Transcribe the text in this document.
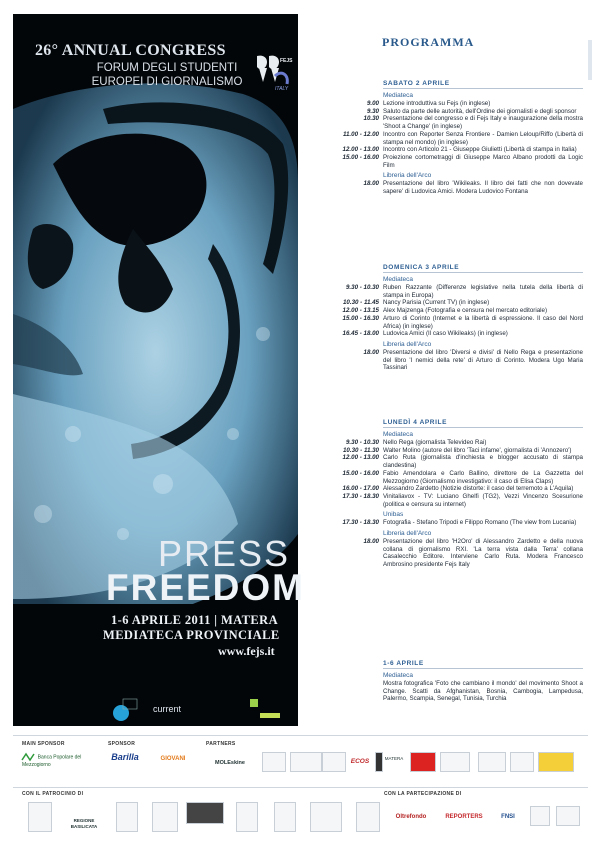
26° ANNUAL CONGRESS
FORUM DEGLI STUDENTI
EUROPEI DI GIORNALISMO
FEJS
ITALY
PRESS
FREEDOM
1-6 APRILE 2011 | MATERA
MEDIATECA PROVINCIALE
www.fejs.it
current
PROGRAMMA
SABATO 2 APRILE
Mediateca
9.00 Lezione introduttiva su Fejs (in inglese)
9.30 Saluto da parte delle autorità, dell'Ordine dei giornalisti e degli sponsor
10.30 Presentazione del congresso e di Fejs Italy e inaugurazione della mostra 'Shoot a Change' (in inglese)
11.00 - 12.00 Incontro con Reporter Senza Frontiere - Damien Leloup/Riffo (Libertà di stampa nel mondo) (in inglese)
12.00 - 13.00 Incontro con Articolo 21 - Giuseppe Giulietti (Libertà di stampa in Italia)
15.00 - 16.00 Proiezione cortometraggi di Giuseppe Marco Albano prodotti da Logic Film
Libreria dell'Arco
18.00 Presentazione del libro 'Wikileaks. Il libro dei fatti che non dovevate sapere' di Ludovica Amici. Modera Ludovico Fontana
DOMENICA 3 APRILE
Mediateca
9.30 - 10.30 Ruben Razzante (Differenze legislative nella tutela della libertà di stampa in Europa)
10.30 - 11.45 Nancy Parisia (Current TV) (in inglese)
12.00 - 13.15 Alex Majzenga (Fotografia e censura nel mercato editoriale)
15.00 - 16.30 Arturo di Corinto (Internet e la libertà di espressione. Il caso del Nord Africa) (in inglese)
16.45 - 18.00 Ludovica Amici (Il caso Wikileaks) (in inglese)
Libreria dell'Arco
18.00 Presentazione del libro 'Diversi e divisi' di Nello Rega e presentazione del libro 'I nemici della rete' di Arturo di Corinto. Modera Ugo Maria Tassinari
LUNEDÌ 4 APRILE
Mediateca
9.30 - 10.30 Nello Rega (giornalista Televideo Rai)
10.30 - 11.30 Walter Molino (autore del libro 'Taci infame', giornalista di 'Annozero')
12.00 - 13.00 Carlo Ruta (giornalista d'inchiesta e blogger accusato di stampa clandestina)
15.00 - 16.00 Fabio Amendolara e Carlo Ballino, direttore de La Gazzetta del Mezzogiorno (Giornalismo investigativo: il caso di Elisa Claps)
16.00 - 17.00 Alessandro Zardetto (Notizie distorte: il caso del terremoto a L'Aquila)
17.30 - 18.30 Vinitaliavox - TV: Luciano Ghelfi (TG2), Vezzi Vincenzo Scesurione (politica e censura su internet)
Unibas
17.30 - 18.30 Fotografia - Stefano Tripodi e Filippo Romano (The view from Lucania)
Libreria dell'Arco
18.00 Presentazione del libro 'H2Oro' di Alessandro Zardetto e della nuova collana di giornalismo RXI. 'La terra vista dalla Terra' collana Casalecchio Editore. Interviene Carlo Ruta. Modera Francesco Ambrosino presidente Fejs Italy
1-6 APRILE
Mediateca
Mostra fotografica 'Foto che cambiano il mondo' del movimento Shoot a Change. Scatti da Afghanistan, Bosnia, Cambogia, Lampedusa, Palermo, Scampia, Senegal, Tunisia, Turchia
MAIN SPONSOR	SPONSOR	PARTNERS
Banca Popolare del Mezzogiorno
Barilla	GIOVANI
MOLEskine	ECOS	MATERA
CON IL PATROCINIO DI	CON LA PARTECIPAZIONE DI
REGIONE BASILICATA
Oltrefondo	REPORTERS	FNSI
